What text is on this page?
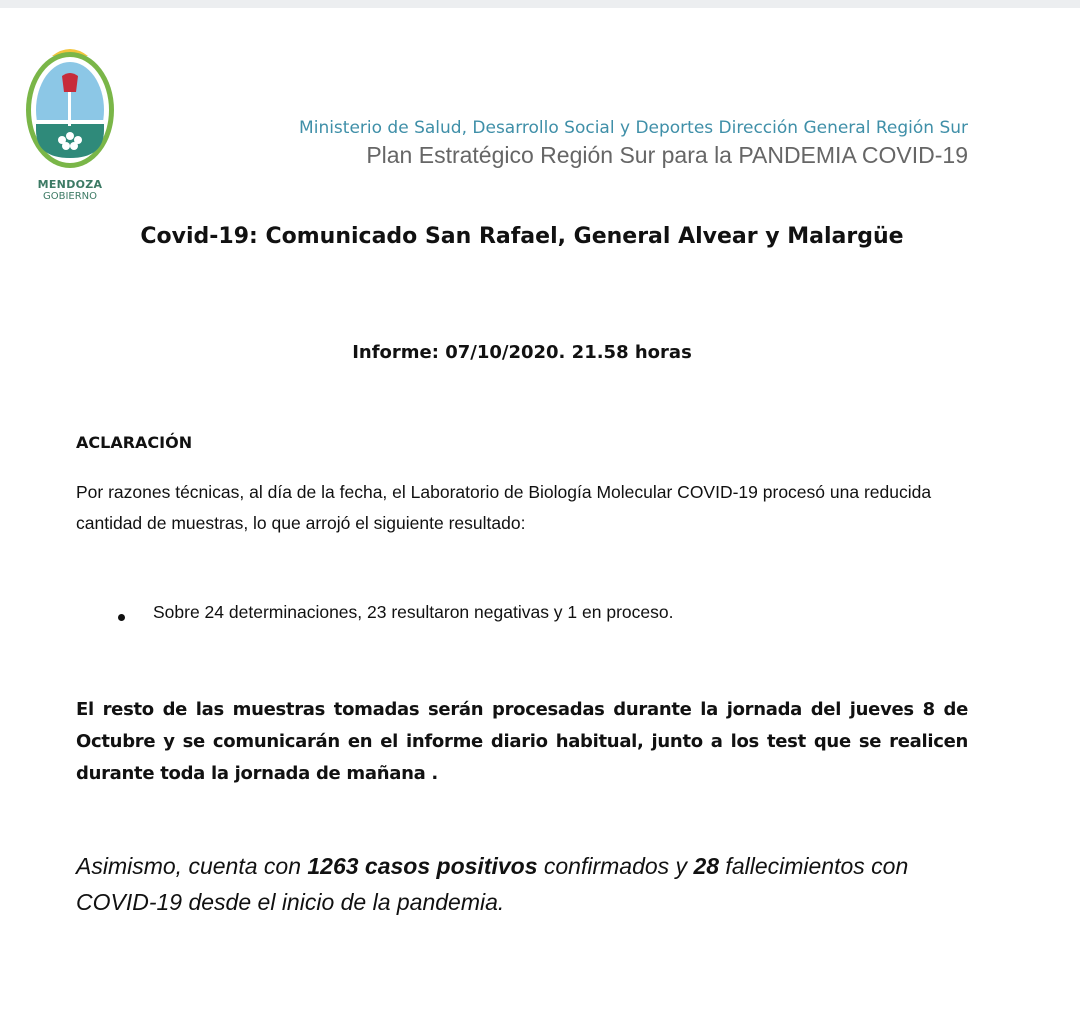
MENDOZA
GOBIERNO
Ministerio de Salud, Desarrollo Social y Deportes Dirección General Región Sur
Plan Estratégico Región Sur para la PANDEMIA COVID-19
Covid-19: Comunicado San Rafael, General Alvear y Malargüe
Informe: 07/10/2020. 21.58 horas
ACLARACIÓN
Por razones técnicas, al día de la fecha, el Laboratorio de Biología Molecular COVID-19 procesó una reducida cantidad de muestras, lo que arrojó el siguiente resultado:
Sobre 24 determinaciones, 23 resultaron negativas y 1 en proceso.
El resto de las muestras tomadas serán procesadas durante la jornada del jueves 8 de Octubre y se comunicarán en el informe diario habitual, junto a los test que se realicen durante toda la jornada de mañana .
Asimismo, cuenta con 1263 casos positivos confirmados y 28 fallecimientos con COVID-19 desde el inicio de la pandemia.
